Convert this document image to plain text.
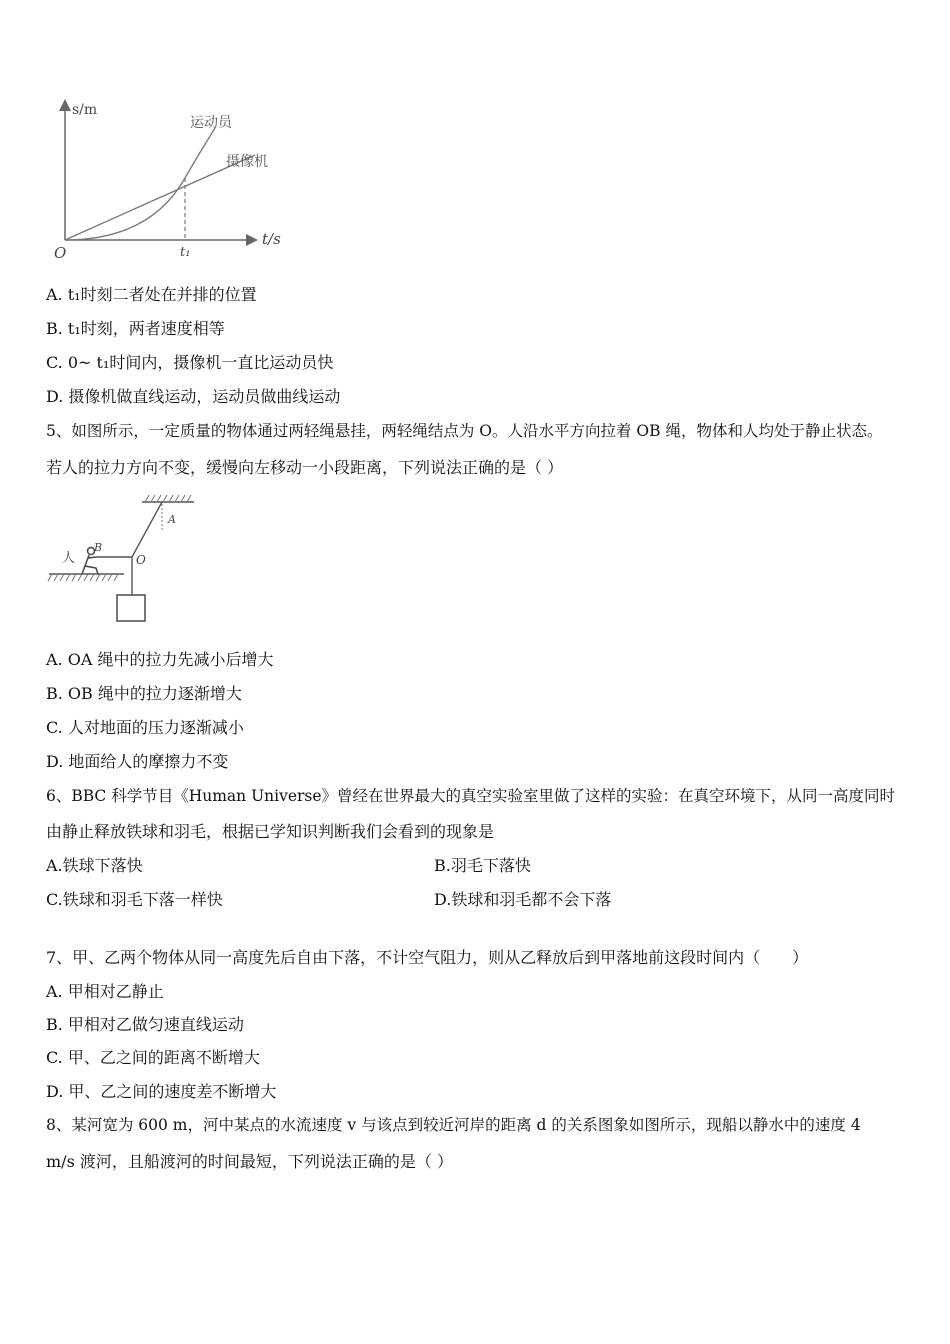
s/m
t/s
O	t₁
运动员
摄像机
A. t₁时刻二者处在并排的位置
B. t₁时刻，两者速度相等
C. 0~ t₁时间内，摄像机一直比运动员快
D. 摄像机做直线运动，运动员做曲线运动
5、如图所示，一定质量的物体通过两轻绳悬挂，两轻绳结点为 O。人沿水平方向拉着 OB 绳，物体和人均处于静止状态。
若人的拉力方向不变，缓慢向左移动一小段距离，下列说法正确的是（ ）
人
B
O
A
A. OA 绳中的拉力先减小后增大
B. OB 绳中的拉力逐渐增大
C. 人对地面的压力逐渐减小
D. 地面给人的摩擦力不变
6、BBC 科学节目《Human Universe》曾经在世界最大的真空实验室里做了这样的实验：在真空环境下，从同一高度同时
由静止释放铁球和羽毛，根据已学知识判断我们会看到的现象是
A.铁球下落快	B.羽毛下落快
C.铁球和羽毛下落一样快	D.铁球和羽毛都不会下落
7、甲、乙两个物体从同一高度先后自由下落，不计空气阻力，则从乙释放后到甲落地前这段时间内（　　）
A. 甲相对乙静止
B. 甲相对乙做匀速直线运动
C. 甲、乙之间的距离不断增大
D. 甲、乙之间的速度差不断增大
8、某河宽为 600 m，河中某点的水流速度 v 与该点到较近河岸的距离 d 的关系图象如图所示，现船以静水中的速度 4
m/s 渡河，且船渡河的时间最短，下列说法正确的是（ ）
